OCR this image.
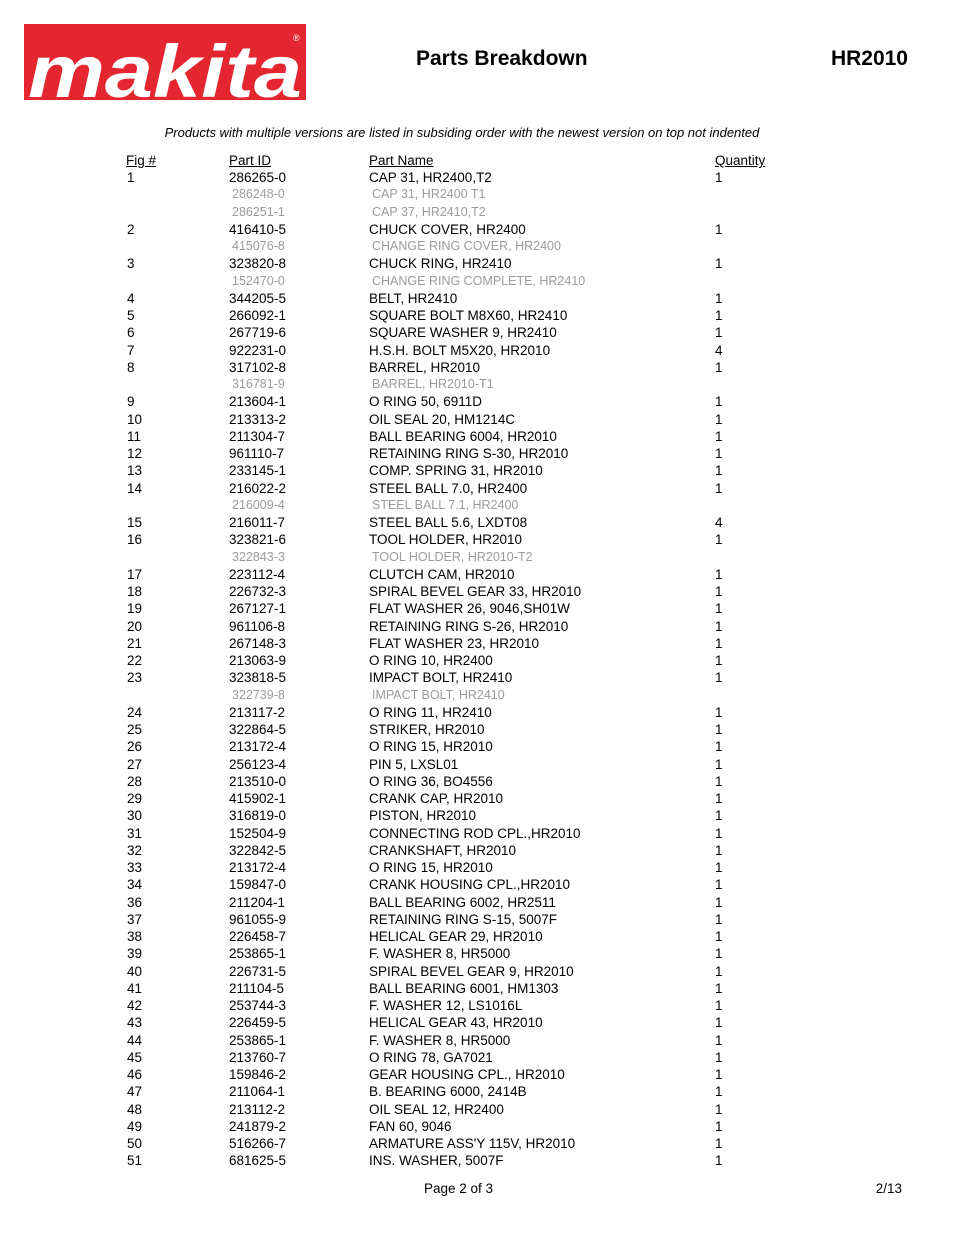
makita
®
Parts Breakdown	HR2010
Products with multiple versions are listed in subsiding order with the newest version on top not indented
Fig #	Part ID	Part Name	Quantity
1	286265-0	CAP 31, HR2400,T2	1
286248-0	CAP 31, HR2400 T1
286251-1	CAP 37, HR2410,T2
2	416410-5	CHUCK COVER, HR2400	1
415076-8	CHANGE RING COVER, HR2400
3	323820-8	CHUCK RING, HR2410	1
152470-0	CHANGE RING COMPLETE, HR2410
4	344205-5	BELT, HR2410	1
5	266092-1	SQUARE BOLT M8X60, HR2410	1
6	267719-6	SQUARE WASHER 9, HR2410	1
7	922231-0	H.S.H. BOLT M5X20, HR2010	4
8	317102-8	BARREL, HR2010	1
316781-9	BARREL, HR2010-T1
9	213604-1	O RING 50, 6911D	1
10	213313-2	OIL SEAL 20, HM1214C	1
11	211304-7	BALL BEARING 6004, HR2010	1
12	961110-7	RETAINING RING S-30, HR2010	1
13	233145-1	COMP. SPRING 31, HR2010	1
14	216022-2	STEEL BALL 7.0, HR2400	1
216009-4	STEEL BALL 7.1, HR2400
15	216011-7	STEEL BALL 5.6, LXDT08	4
16	323821-6	TOOL HOLDER, HR2010	1
322843-3	TOOL HOLDER, HR2010-T2
17	223112-4	CLUTCH CAM, HR2010	1
18	226732-3	SPIRAL BEVEL GEAR 33, HR2010	1
19	267127-1	FLAT WASHER 26, 9046,SH01W	1
20	961106-8	RETAINING RING S-26, HR2010	1
21	267148-3	FLAT WASHER 23, HR2010	1
22	213063-9	O RING 10, HR2400	1
23	323818-5	IMPACT BOLT, HR2410	1
322739-8	IMPACT BOLT, HR2410
24	213117-2	O RING 11, HR2410	1
25	322864-5	STRIKER, HR2010	1
26	213172-4	O RING 15, HR2010	1
27	256123-4	PIN 5, LXSL01	1
28	213510-0	O RING 36, BO4556	1
29	415902-1	CRANK CAP, HR2010	1
30	316819-0	PISTON, HR2010	1
31	152504-9	CONNECTING ROD CPL.,HR2010	1
32	322842-5	CRANKSHAFT, HR2010	1
33	213172-4	O RING 15, HR2010	1
34	159847-0	CRANK HOUSING CPL.,HR2010	1
36	211204-1	BALL BEARING 6002, HR2511	1
37	961055-9	RETAINING RING S-15, 5007F	1
38	226458-7	HELICAL GEAR 29, HR2010	1
39	253865-1	F. WASHER 8, HR5000	1
40	226731-5	SPIRAL BEVEL GEAR 9, HR2010	1
41	211104-5	BALL BEARING 6001, HM1303	1
42	253744-3	F. WASHER 12, LS1016L	1
43	226459-5	HELICAL GEAR 43, HR2010	1
44	253865-1	F. WASHER 8, HR5000	1
45	213760-7	O RING 78, GA7021	1
46	159846-2	GEAR HOUSING CPL., HR2010	1
47	211064-1	B. BEARING 6000, 2414B	1
48	213112-2	OIL SEAL 12, HR2400	1
49	241879-2	FAN 60, 9046	1
50	516266-7	ARMATURE ASS'Y 115V, HR2010	1
51	681625-5	INS. WASHER, 5007F	1
Page 2 of 3	2/13
